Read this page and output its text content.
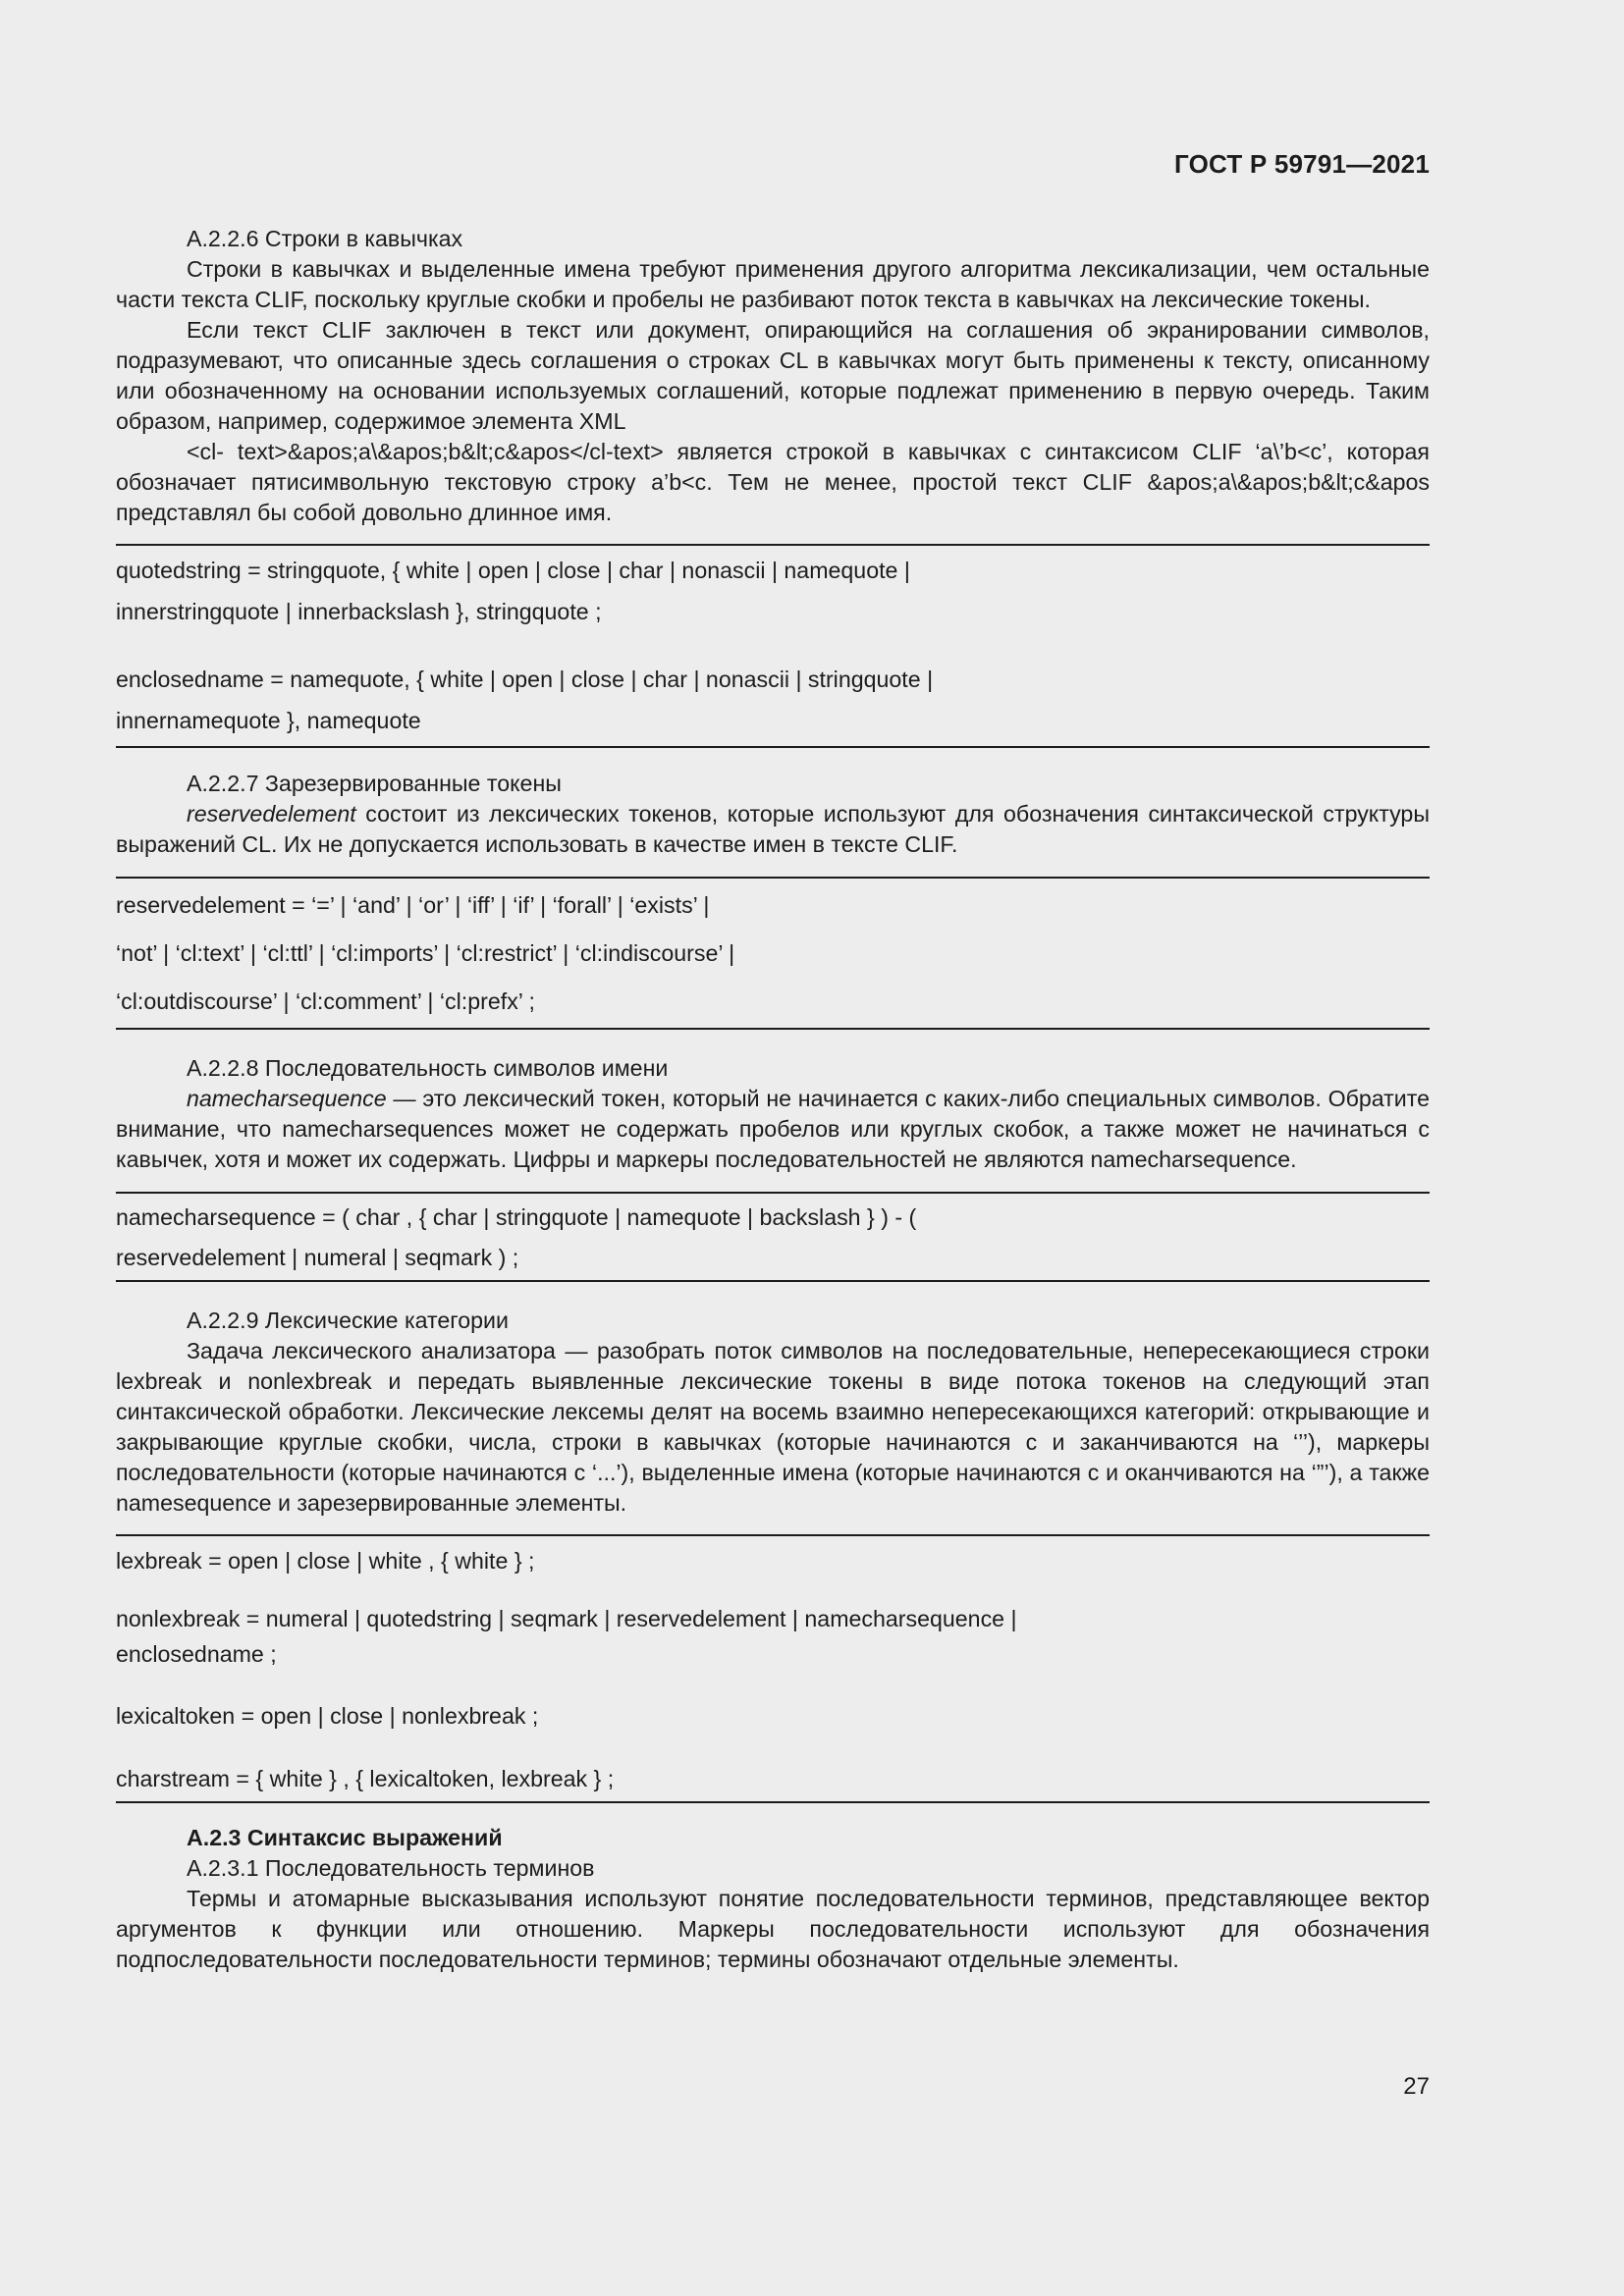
ГОСТ Р 59791—2021

А.2.2.6 Строки в кавычках

Строки в кавычках и выделенные имена требуют применения другого алгоритма лексикализации, чем остальные части текста CLIF, поскольку круглые скобки и пробелы не разбивают поток текста в кавычках на лексические токены.

Если текст CLIF заключен в текст или документ, опирающийся на соглашения об экранировании символов, подразумевают, что описанные здесь соглашения о строках CL в кавычках могут быть применены к тексту, описанному или обозначенному на основании используемых соглашений, которые подлежат применению в первую очередь. Таким образом, например, содержимое элемента XML

<cl- text>&apos;a\&apos;b&lt;c&apos</cl-text> является строкой в кавычках с синтаксисом CLIF ‘a\’b<c’, которая обозначает пятисимвольную текстовую строку a’b<c. Тем не менее, простой текст CLIF &apos;a\&apos;b&lt;c&apos представлял бы собой довольно длинное имя.

quotedstring = stringquote, { white | open | close | char | nonascii | namequote |

innerstringquote | innerbackslash }, stringquote ;

enclosedname = namequote, { white | open | close | char | nonascii | stringquote |

innernamequote }, namequote

А.2.2.7 Зарезервированные токены

reservedelement состоит из лексических токенов, которые используют для обозначения синтаксической структуры выражений CL. Их не допускается использовать в качестве имен в тексте CLIF.

reservedelement = ‘=’ | ‘and’ | ‘or’ | ‘iff’ | ‘if’ | ‘forall’ | ‘exists’ |

‘not’ | ‘cl:text’ | ‘cl:ttl’ | ‘cl:imports’ | ‘cl:restrict’ | ‘cl:indiscourse’ |

‘cl:outdiscourse’ | ‘cl:comment’ | ‘cl:prefx’ ;

А.2.2.8 Последовательность символов имени

namecharsequence — это лексический токен, который не начинается с каких-либо специальных символов. Обратите внимание, что namecharsequences может не содержать пробелов или круглых скобок, а также может не начинаться с кавычек, хотя и может их содержать. Цифры и маркеры последовательностей не являются namecharsequence.

namecharsequence = ( char , { char | stringquote | namequote | backslash } ) - (

reservedelement | numeral | seqmark ) ;

А.2.2.9 Лексические категории

Задача лексического анализатора — разобрать поток символов на последовательные, непересекающиеся строки lexbreak и nonlexbreak и передать выявленные лексические токены в виде потока токенов на следующий этап синтаксической обработки. Лексические лексемы делят на восемь взаимно непересекающихся категорий: открывающие и закрывающие круглые скобки, числа, строки в кавычках (которые начинаются с и заканчиваются на ‘’’), маркеры последовательности (которые начинаются с ‘...’), выделенные имена (которые начинаются с и оканчиваются на ‘”’), а также namesequence и зарезервированные элементы.

lexbreak = open | close | white , { white } ;

nonlexbreak = numeral | quotedstring | seqmark | reservedelement | namecharsequence |

enclosedname ;

lexicaltoken = open | close | nonlexbreak ;

charstream = { white } , { lexicaltoken, lexbreak } ;

А.2.3 Синтаксис выражений

А.2.3.1 Последовательность терминов

Термы и атомарные высказывания используют понятие последовательности терминов, представляющее вектор аргументов к функции или отношению. Маркеры последовательности используют для обозначения подпоследовательности последовательности терминов; термины обозначают отдельные элементы.

27
